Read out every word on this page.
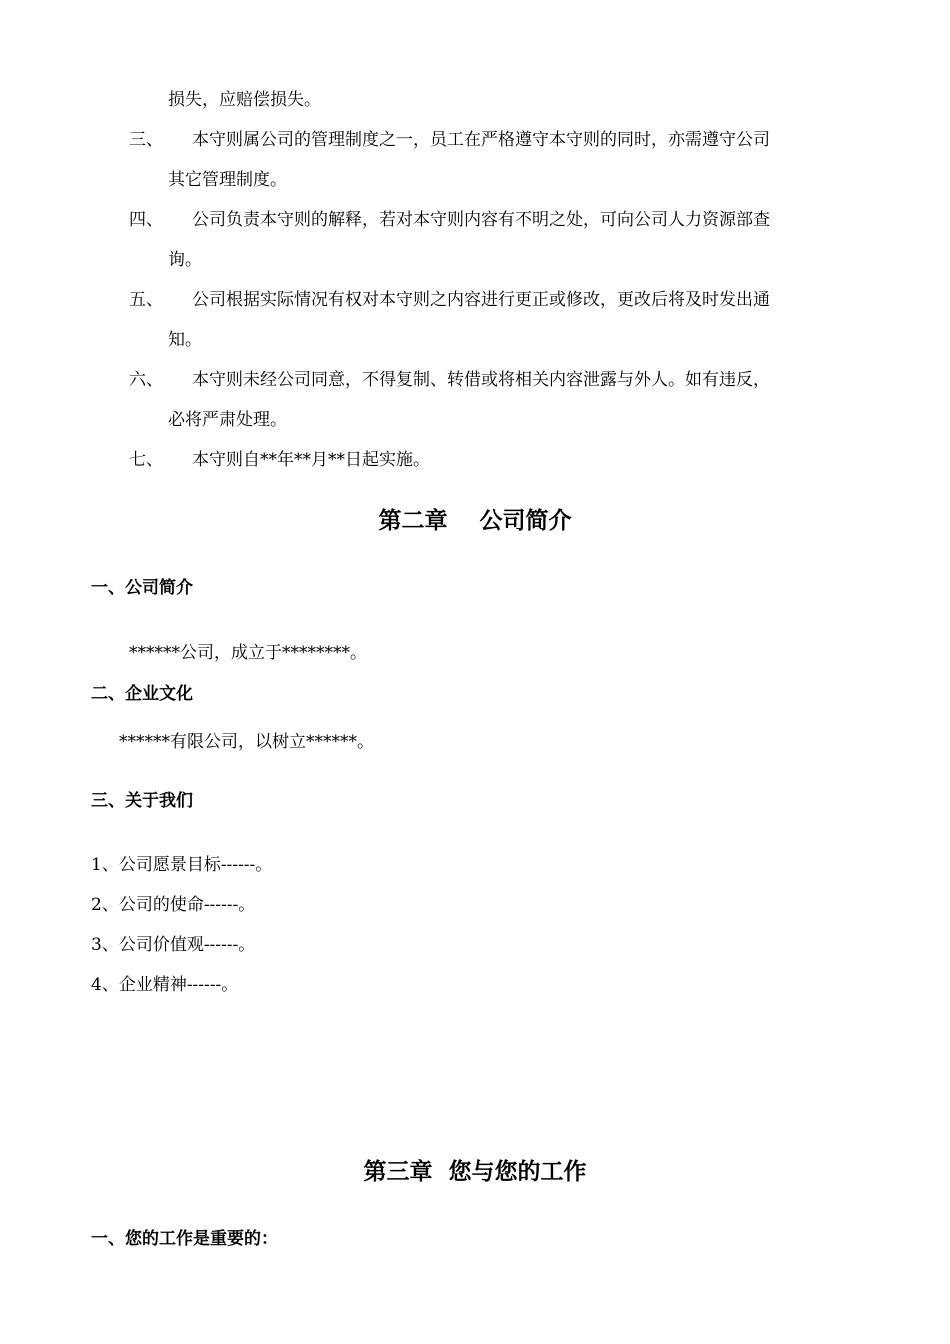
损失，应赔偿损失。
三、 本守则属公司的管理制度之一，员工在严格遵守本守则的同时，亦需遵守公司
其它管理制度。
四、 公司负责本守则的解释，若对本守则内容有不明之处，可向公司人力资源部查
询。
五、 公司根据实际情况有权对本守则之内容进行更正或修改，更改后将及时发出通
知。
六、 本守则未经公司同意，不得复制、转借或将相关内容泄露与外人。如有违反，
必将严肃处理。
七、 本守则自**年**月**日起实施。
第二章    公司简介
一、公司简介
******公司，成立于********。
二、企业文化
******有限公司，以树立******。
三、关于我们
1、公司愿景目标------。
2、公司的使命------。
3、公司价值观------。
4、企业精神------。
第三章  您与您的工作
一、您的工作是重要的：
